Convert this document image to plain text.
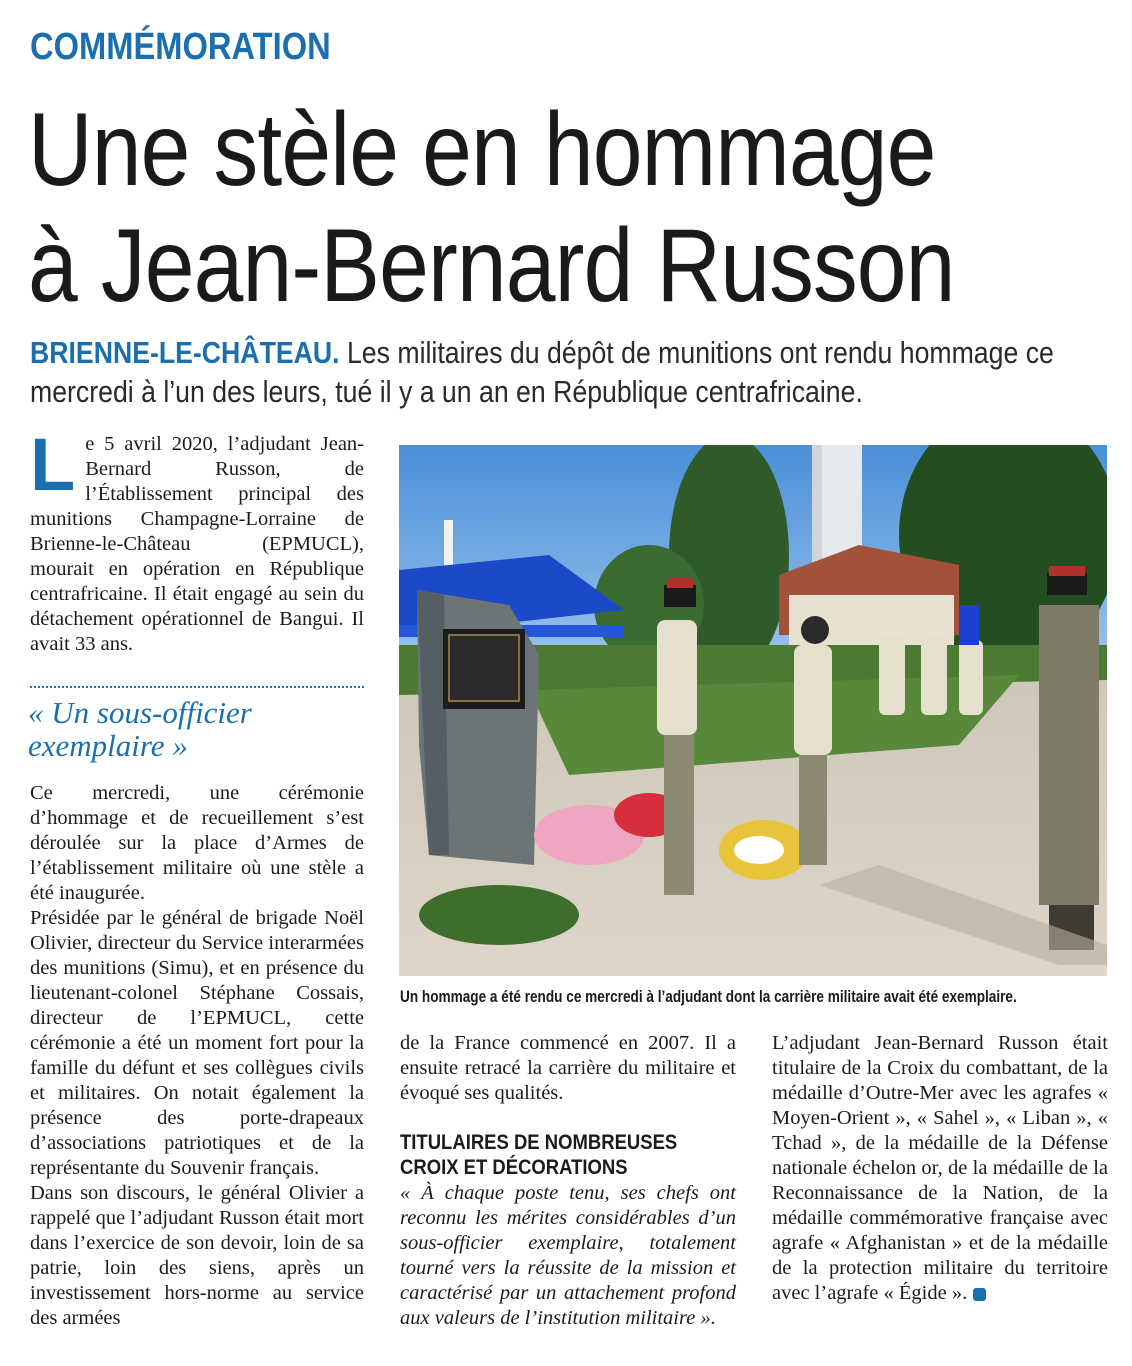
COMMÉMORATION
Une stèle en hommage
à Jean-Bernard Russon
BRIENNE-LE-CHÂTEAU. Les militaires du dépôt de munitions ont rendu hommage ce mercredi à l’un des leurs, tué il y a un an en République centrafricaine.
L e 5 avril 2020, l’adjudant Jean-Bernard Russon, de l’Établissement principal des munitions Champagne-Lorraine de Brienne-le-Château (EPMUCL), mourait en opération en République centrafricaine. Il était engagé au sein du détachement opérationnel de Bangui. Il avait 33 ans.
« Un sous-officier exemplaire »

Ce mercredi, une cérémonie d’hommage et de recueillement s’est déroulée sur la place d’Armes de l’établissement militaire où une stèle a été inaugurée.

Présidée par le général de brigade Noël Olivier, directeur du Service interarmées des munitions (Simu), et en présence du lieutenant-colonel Stéphane Cossais, directeur de l’EPMUCL, cette cérémonie a été un moment fort pour la famille du défunt et ses collègues civils et militaires. On notait également la présence des porte-drapeaux d’associations patriotiques et de la représentante du Souvenir français.

Dans son discours, le général Olivier a rappelé que l’adjudant Russon était mort dans l’exercice de son devoir, loin de sa patrie, loin des siens, après un investissement hors-norme au service des armées

Un hommage a été rendu ce mercredi à l’adjudant dont la carrière militaire avait été exemplaire.

de la France commencé en 2007. Il a ensuite retracé la carrière du militaire et évoqué ses qualités.

TITULAIRES DE NOMBREUSES CROIX ET DÉCORATIONS

« À chaque poste tenu, ses chefs ont reconnu les mérites considérables d’un sous-officier exemplaire, totalement tourné vers la réussite de la mission et caractérisé par un attachement profond aux valeurs de l’institution militaire ».

L’adjudant Jean-Bernard Russon était titulaire de la Croix du combattant, de la médaille d’Outre-Mer avec les agrafes « Moyen-Orient », « Sahel », « Liban », « Tchad », de la médaille de la Défense nationale échelon or, de la médaille de la Reconnaissance de la Nation, de la médaille commémorative française avec agrafe « Afghanistan » et de la médaille de la protection militaire du territoire avec l’agrafe « Égide ».
